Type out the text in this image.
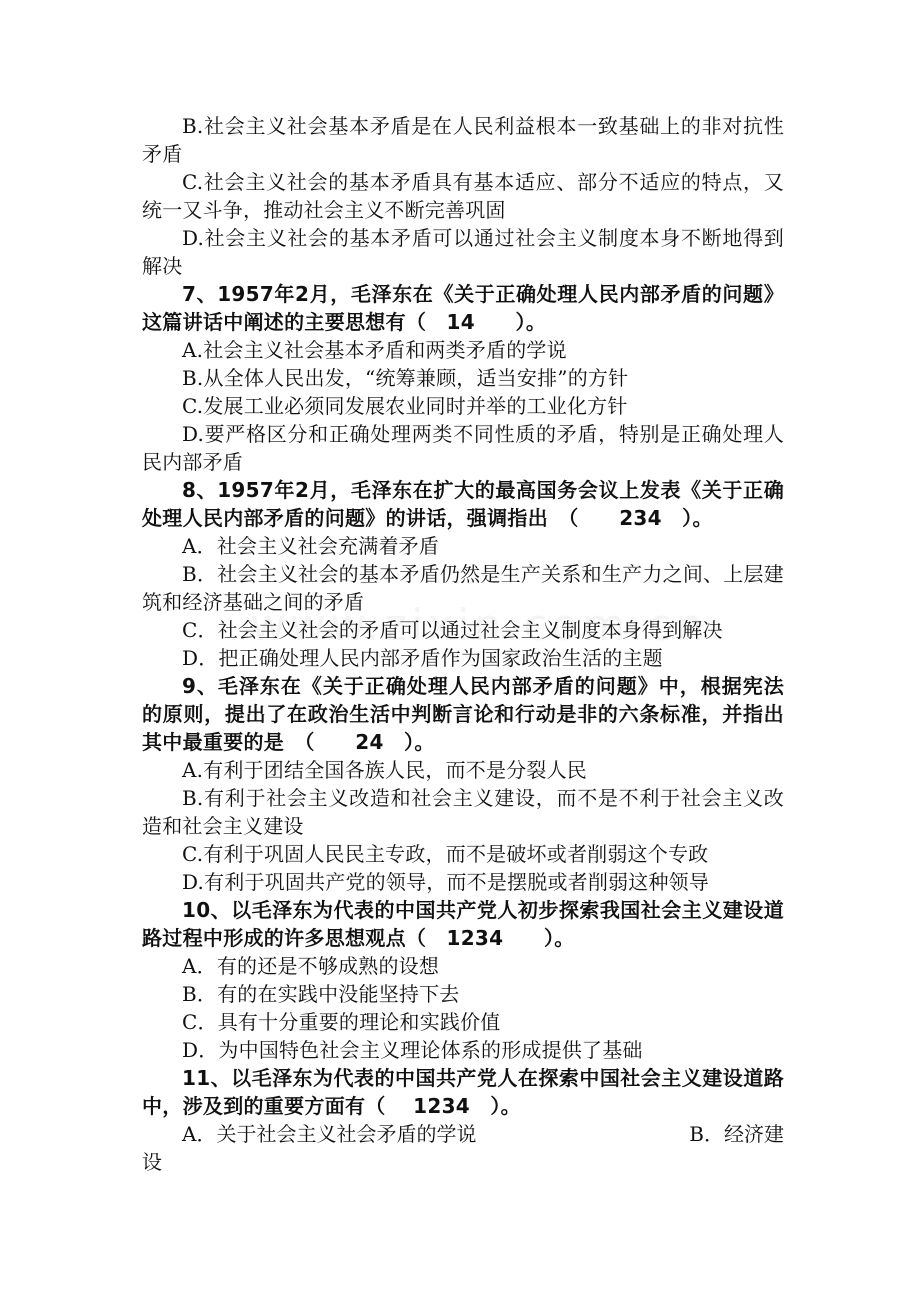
B.社会主义社会基本矛盾是在人民利益根本一致基础上的非对抗性矛盾

C.社会主义社会的基本矛盾具有基本适应、部分不适应的特点，又统一又斗争，推动社会主义不断完善巩固

D.社会主义社会的基本矛盾可以通过社会主义制度本身不断地得到解决

7、1957年2月，毛泽东在《关于正确处理人民内部矛盾的问题》这篇讲话中阐述的主要思想有（　14　　）。

A.社会主义社会基本矛盾和两类矛盾的学说

B.从全体人民出发，“统筹兼顾，适当安排”的方针

C.发展工业必须同发展农业同时并举的工业化方针

D.要严格区分和正确处理两类不同性质的矛盾，特别是正确处理人民内部矛盾

8、1957年2月，毛泽东在扩大的最高国务会议上发表《关于正确处理人民内部矛盾的问题》的讲话，强调指出　（　　234　）。

A．社会主义社会充满着矛盾

B．社会主义社会的基本矛盾仍然是生产关系和生产力之间、上层建筑和经济基础之间的矛盾

C．社会主义社会的矛盾可以通过社会主义制度本身得到解决

D．把正确处理人民内部矛盾作为国家政治生活的主题

9、毛泽东在《关于正确处理人民内部矛盾的问题》中，根据宪法的原则，提出了在政治生活中判断言论和行动是非的六条标准，并指出其中最重要的是　（　　24　）。

A.有利于团结全国各族人民，而不是分裂人民

B.有利于社会主义改造和社会主义建设，而不是不利于社会主义改造和社会主义建设

C.有利于巩固人民民主专政，而不是破坏或者削弱这个专政

D.有利于巩固共产党的领导，而不是摆脱或者削弱这种领导

10、以毛泽东为代表的中国共产党人初步探索我国社会主义建设道路过程中形成的许多思想观点（　1234　　）。

A．有的还是不够成熟的设想

B．有的在实践中没能坚持下去

C．具有十分重要的理论和实践价值

D．为中国特色社会主义理论体系的形成提供了基础

11、以毛泽东为代表的中国共产党人在探索中国社会主义建设道路中，涉及到的重要方面有（　 1234　）。

A．关于社会主义社会矛盾的学说	B．经济建

设
